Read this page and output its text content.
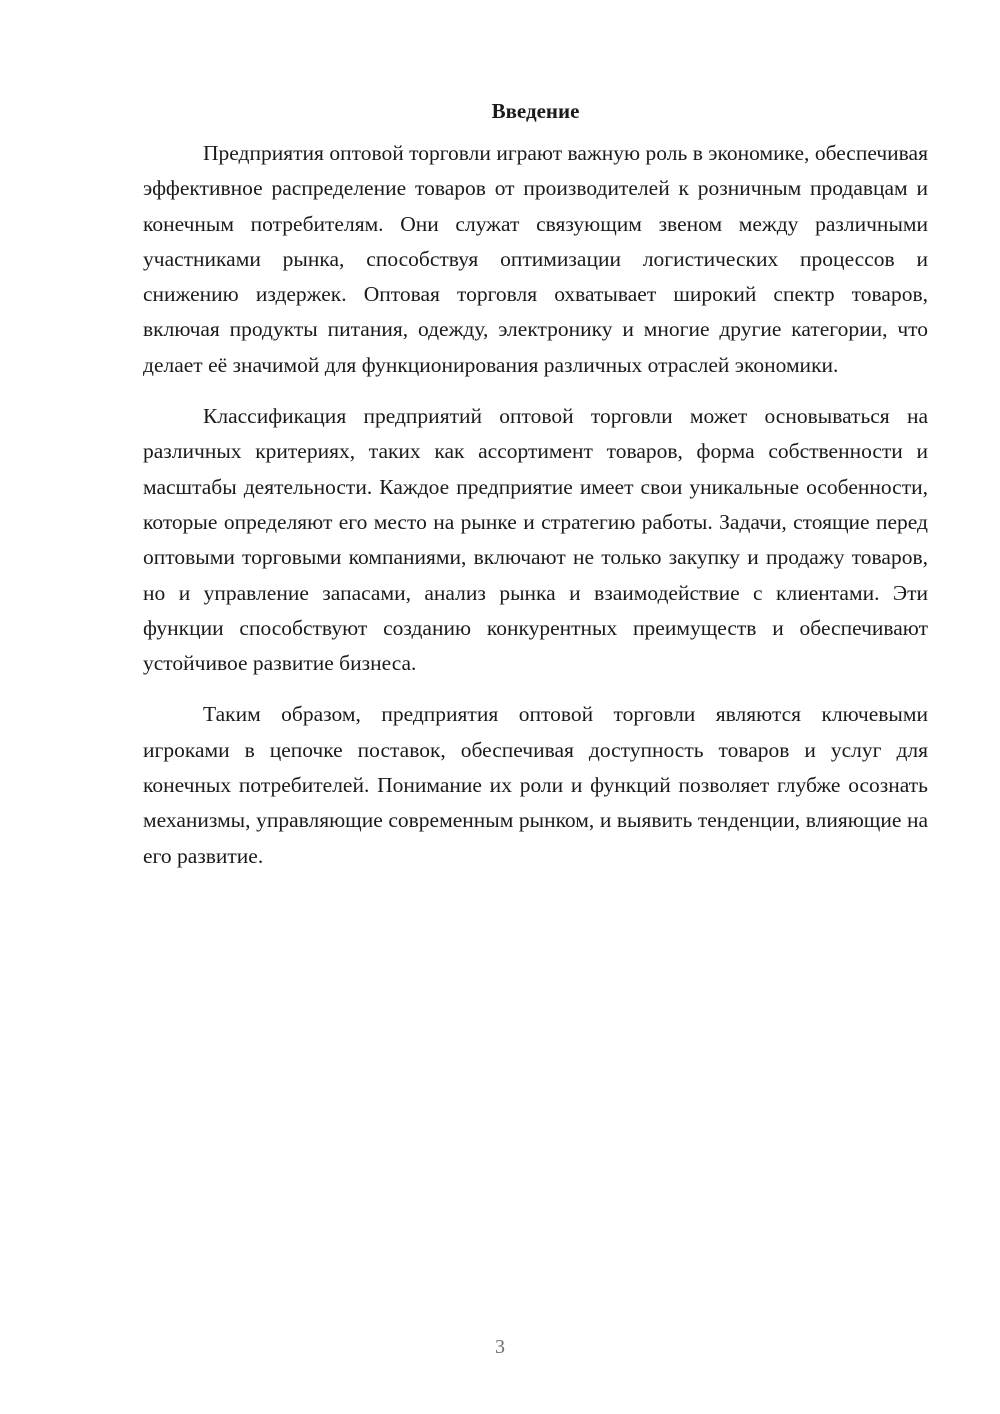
Введение

Предприятия оптовой торговли играют важную роль в экономике, обеспечивая эффективное распределение товаров от производителей к розничным продавцам и конечным потребителям. Они служат связующим звеном между различными участниками рынка, способствуя оптимизации логистических процессов и снижению издержек. Оптовая торговля охватывает широкий спектр товаров, включая продукты питания, одежду, электронику и многие другие категории, что делает её значимой для функционирования различных отраслей экономики.

Классификация предприятий оптовой торговли может основываться на различных критериях, таких как ассортимент товаров, форма собственности и масштабы деятельности. Каждое предприятие имеет свои уникальные особенности, которые определяют его место на рынке и стратегию работы. Задачи, стоящие перед оптовыми торговыми компаниями, включают не только закупку и продажу товаров, но и управление запасами, анализ рынка и взаимодействие с клиентами. Эти функции способствуют созданию конкурентных преимуществ и обеспечивают устойчивое развитие бизнеса.

Таким образом, предприятия оптовой торговли являются ключевыми игроками в цепочке поставок, обеспечивая доступность товаров и услуг для конечных потребителей. Понимание их роли и функций позволяет глубже осознать механизмы, управляющие современным рынком, и выявить тенденции, влияющие на его развитие.

3
